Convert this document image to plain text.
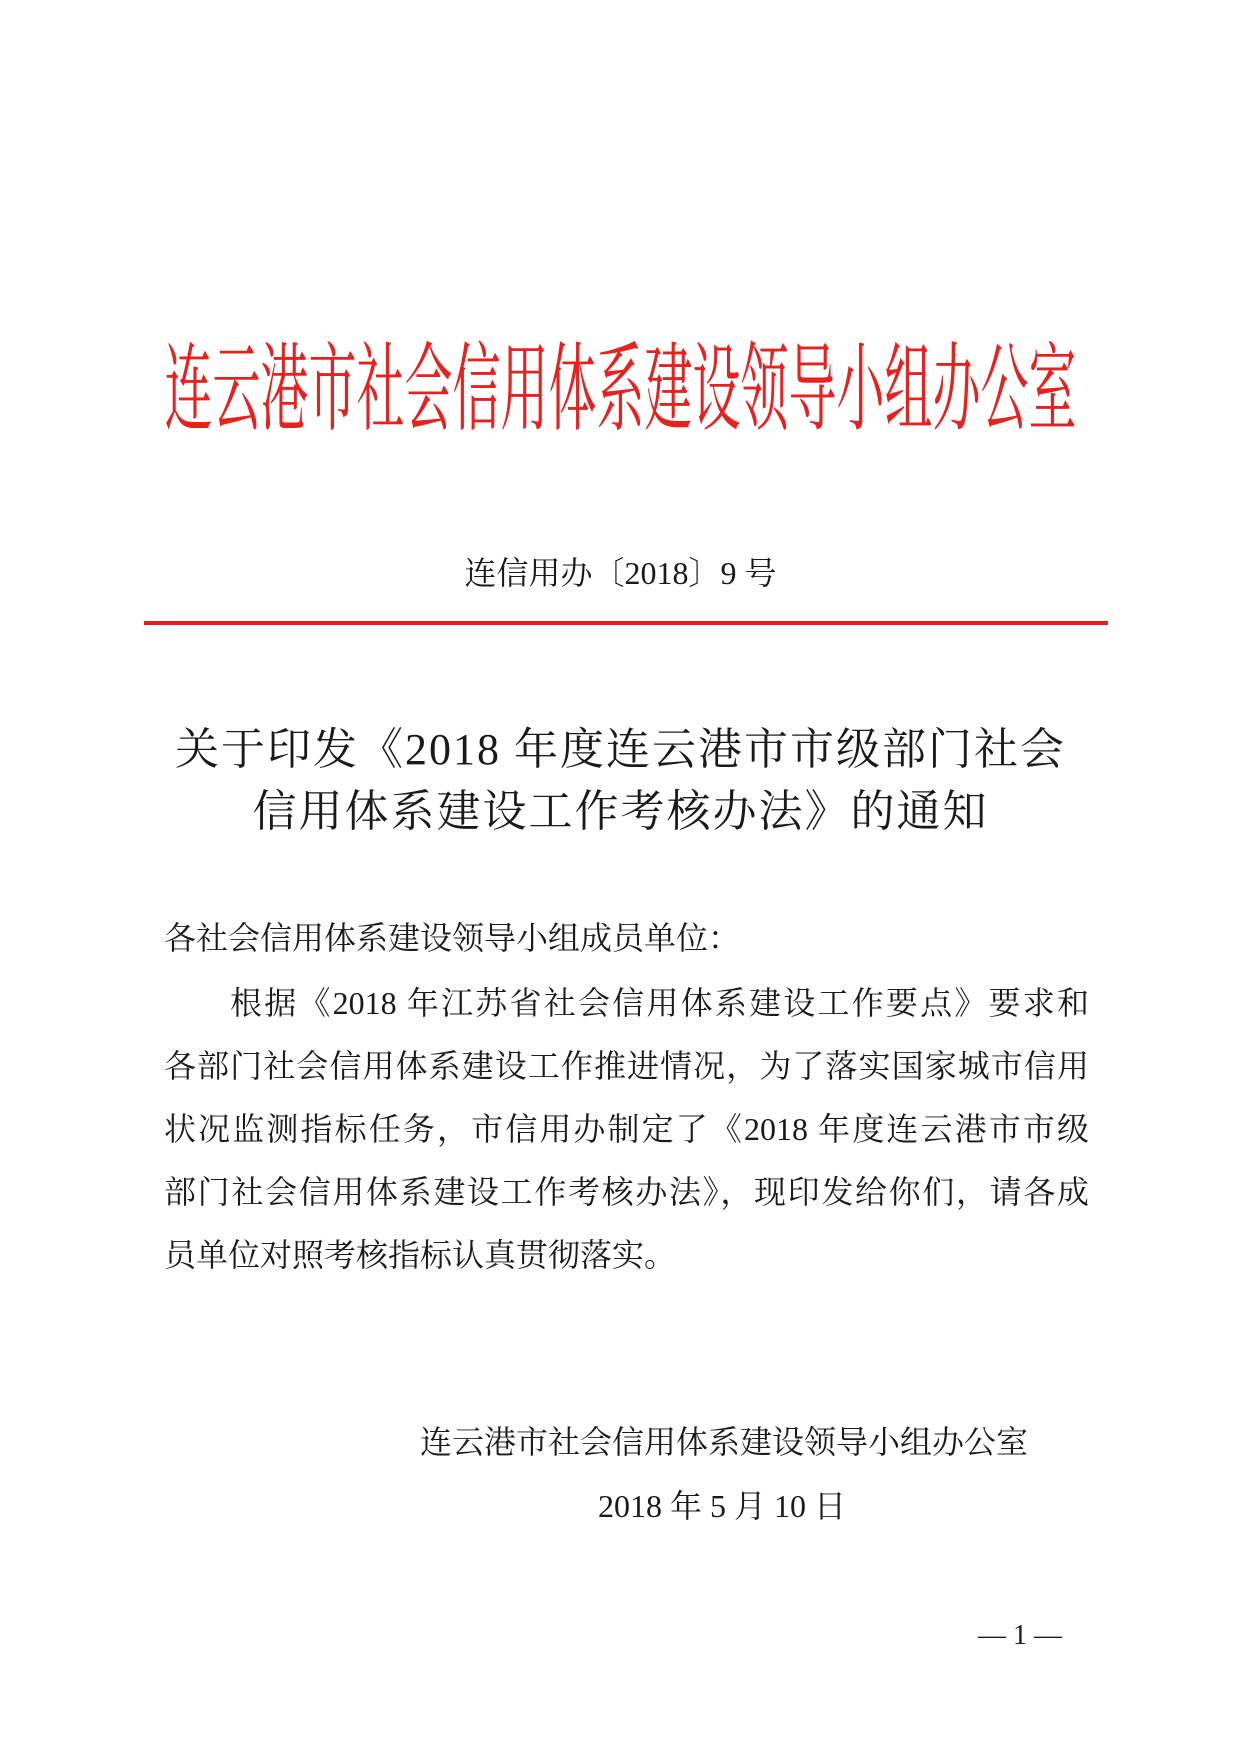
连云港市社会信用体系建设领导小组办公室
连信用办〔2018〕9 号
关于印发《2018 年度连云港市市级部门社会
信用体系建设工作考核办法》的通知
各社会信用体系建设领导小组成员单位：
根据《2018 年江苏省社会信用体系建设工作要点》要求和
各部门社会信用体系建设工作推进情况，为了落实国家城市信用
状况监测指标任务，市信用办制定了《2018 年度连云港市市级
部门社会信用体系建设工作考核办法》，现印发给你们，请各成
员单位对照考核指标认真贯彻落实。
连云港市社会信用体系建设领导小组办公室
2018 年 5 月 10 日
— 1 —
